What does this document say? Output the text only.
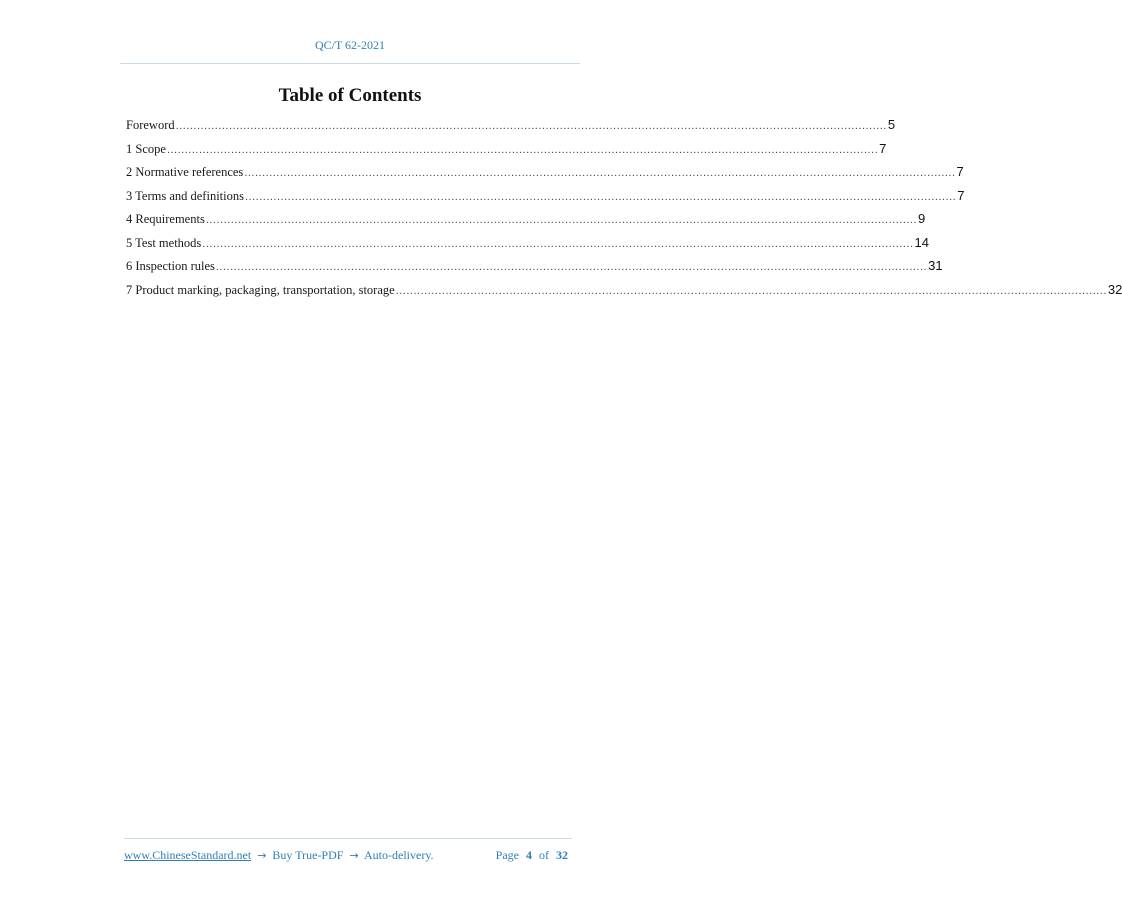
QC/T 62-2021
Table of Contents
Foreword ........................................................................................................................................................................................................ 5
1 Scope ........................................................................................................................................................................................................ 7
2 Normative references ........................................................................................................................................................................................................ 7
3 Terms and definitions ........................................................................................................................................................................................................ 7
4 Requirements ........................................................................................................................................................................................................ 9
5 Test methods ........................................................................................................................................................................................................ 14
6 Inspection rules ........................................................................................................................................................................................................ 31
7 Product marking, packaging, transportation, storage ........................................................................................................................................................................................................ 32
www.ChineseStandard.net → Buy True-PDF → Auto-delivery.	Page 4 of 32
